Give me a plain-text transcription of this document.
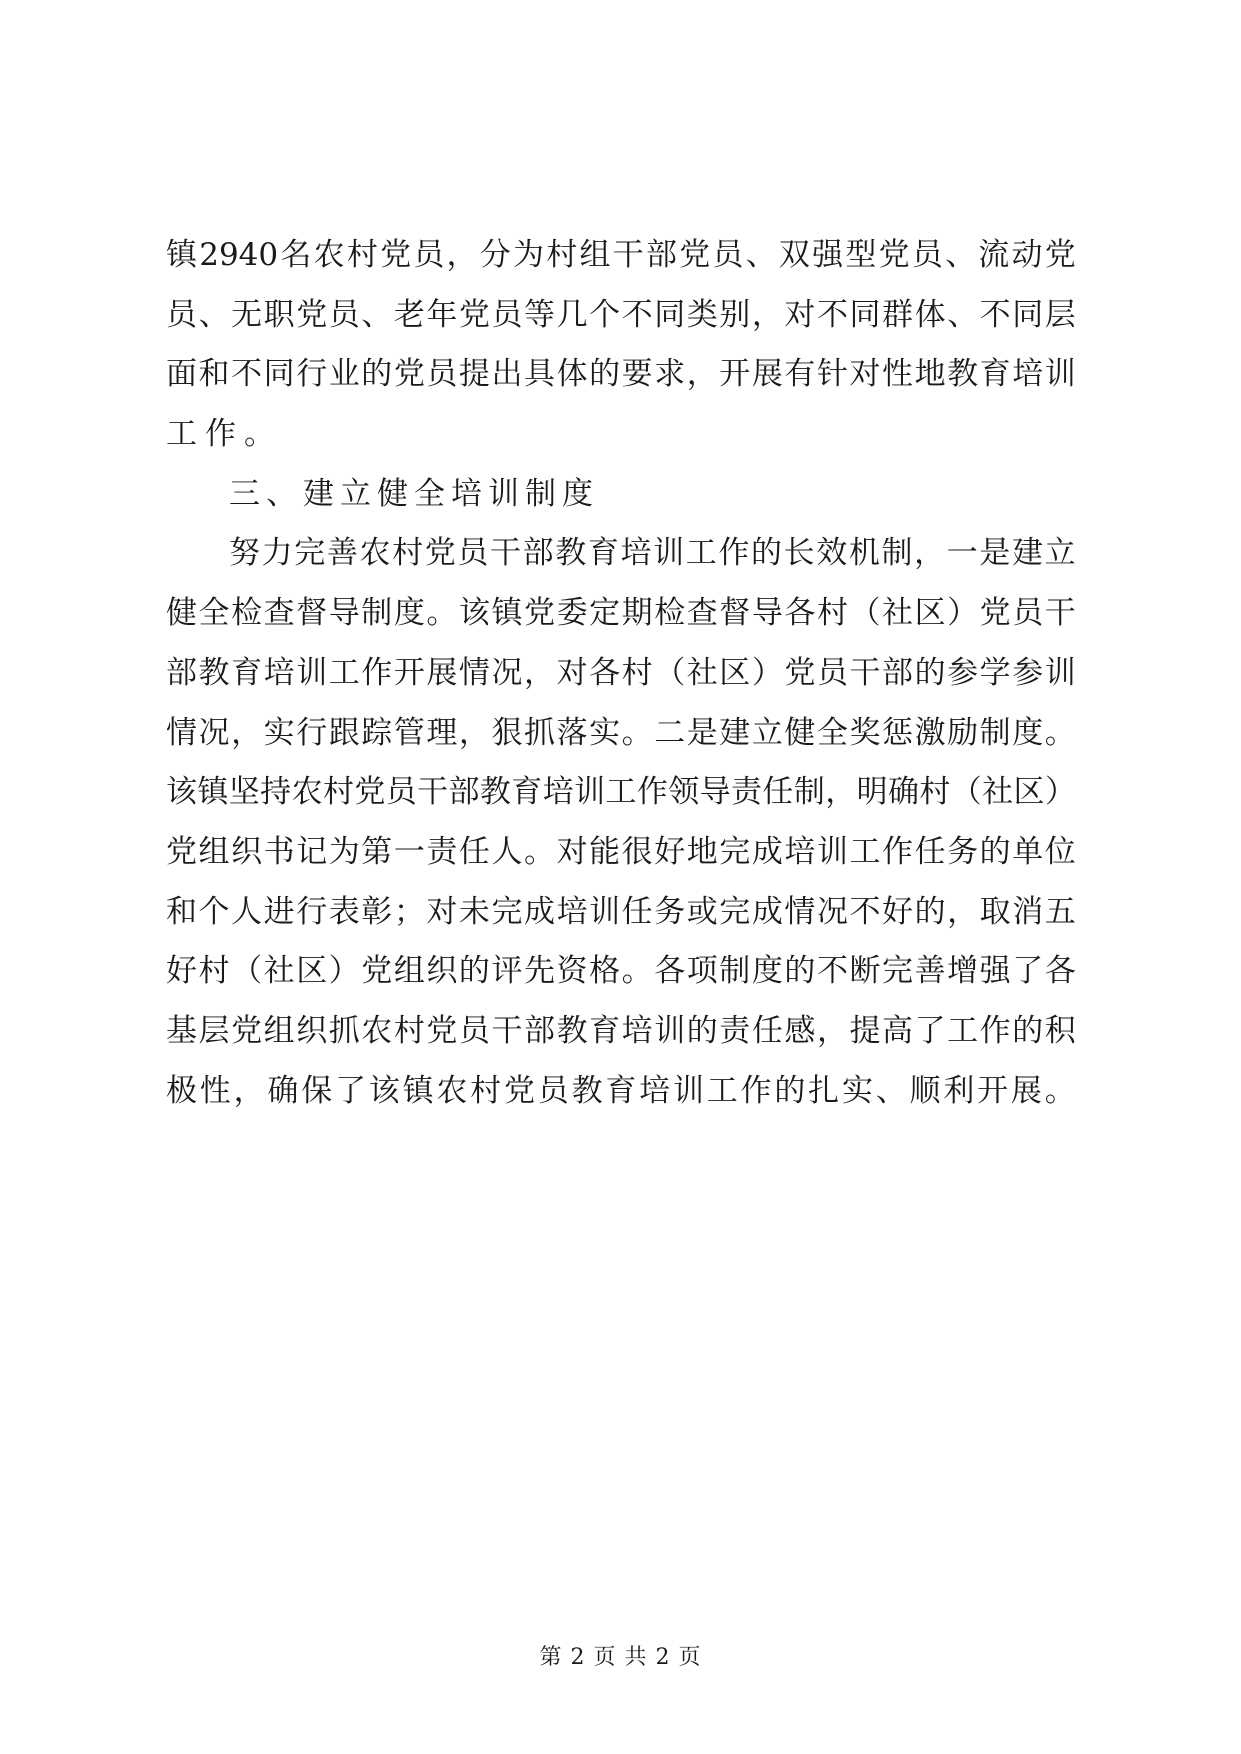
镇 2940 名 农 村 党 员 ， 分 为 村 组 干 部 党 员 、 双 强 型 党 员 、 流 动 党
员 、 无 职 党 员 、 老 年 党 员 等 几 个 不 同 类 别 ， 对 不 同 群 体 、 不 同 层
面 和 不 同 行 业 的 党 员 提 出 具 体 的 要 求 ， 开 展 有 针 对 性 地 教 育 培 训
工作。
三、建立健全培训制度
努 力 完 善 农 村 党 员 干 部 教 育 培 训 工 作 的 长 效 机 制 ， 一 是 建 立
健 全 检 查 督 导 制 度 。 该 镇 党 委 定 期 检 查 督 导 各 村 （ 社 区 ） 党 员 干
部 教 育 培 训 工 作 开 展 情 况 ， 对 各 村 （ 社 区 ） 党 员 干 部 的 参 学 参 训
情 况 ， 实 行 跟 踪 管 理 ， 狠 抓 落 实 。 二 是 建 立 健 全 奖 惩 激 励 制 度 。
该 镇 坚 持 农 村 党 员 干 部 教 育 培 训 工 作 领 导 责 任 制 ， 明 确 村 （ 社 区 ）
党 组 织 书 记 为 第 一 责 任 人 。 对 能 很 好 地 完 成 培 训 工 作 任 务 的 单 位
和 个 人 进 行 表 彰 ； 对 未 完 成 培 训 任 务 或 完 成 情 况 不 好 的 ， 取 消 五
好 村 （ 社 区 ） 党 组 织 的 评 先 资 格 。 各 项 制 度 的 不 断 完 善 增 强 了 各
基 层 党 组 织 抓 农 村 党 员 干 部 教 育 培 训 的 责 任 感 ， 提 高 了 工 作 的 积
极 性 ， 确 保 了 该 镇 农 村 党 员 教 育 培 训 工 作 的 扎 实 、 顺 利 开 展 。
第 2 页 共 2 页
